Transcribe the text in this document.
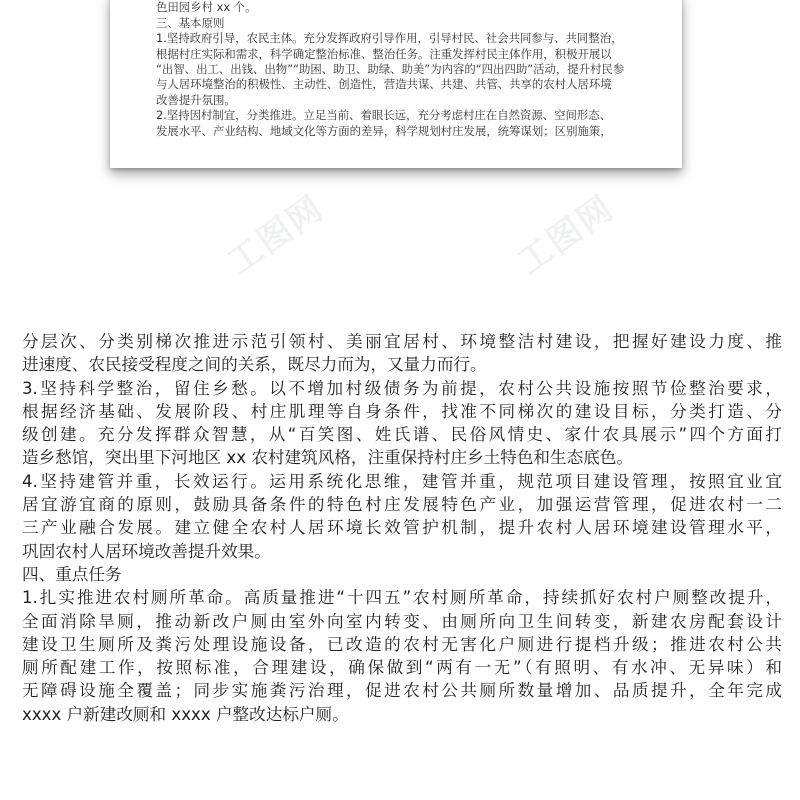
色田园乡村 xx 个。
三、基本原则
1.坚持政府引导，农民主体。充分发挥政府引导作用，引导村民、社会共同参与、共同整治，
根据村庄实际和需求，科学确定整治标准、整治任务。注重发挥村民主体作用，积极开展以
“出智、出工、出钱、出物”“助困、助卫、助绿、助美”为内容的“四出四助”活动，提升村民参
与人居环境整治的积极性、主动性、创造性，营造共谋、共建、共管、共享的农村人居环境
改善提升氛围。
2.坚持因村制宜，分类推进。立足当前、着眼长远，充分考虑村庄在自然资源、空间形态、
发展水平、产业结构、地域文化等方面的差异，科学规划村庄发展，统筹谋划；区别施策，
工图网	工图网
分层次、分类别梯次推进示范引领村、美丽宜居村、环境整洁村建设，把握好建设力度、推
进速度、农民接受程度之间的关系，既尽力而为，又量力而行。
3.坚持科学整治，留住乡愁。以不增加村级债务为前提，农村公共设施按照节俭整治要求，
根据经济基础、发展阶段、村庄肌理等自身条件，找准不同梯次的建设目标，分类打造、分
级创建。充分发挥群众智慧，从“百笑图、姓氏谱、民俗风情史、家什农具展示”四个方面打
造乡愁馆，突出里下河地区 xx 农村建筑风格，注重保持村庄乡土特色和生态底色。
4.坚持建管并重，长效运行。运用系统化思维，建管并重，规范项目建设管理，按照宜业宜
居宜游宜商的原则，鼓励具备条件的特色村庄发展特色产业，加强运营管理，促进农村一二
三产业融合发展。建立健全农村人居环境长效管护机制，提升农村人居环境建设管理水平，
巩固农村人居环境改善提升效果。
四、重点任务
1.扎实推进农村厕所革命。高质量推进“十四五”农村厕所革命，持续抓好农村户厕整改提升，
全面消除旱厕，推动新改户厕由室外向室内转变、由厕所向卫生间转变，新建农房配套设计
建设卫生厕所及粪污处理设施设备，已改造的农村无害化户厕进行提档升级；推进农村公共
厕所配建工作，按照标准，合理建设，确保做到“两有一无”（有照明、有水冲、无异味）和
无障碍设施全覆盖；同步实施粪污治理，促进农村公共厕所数量增加、品质提升，全年完成
xxxx 户新建改厕和 xxxx 户整改达标户厕。
